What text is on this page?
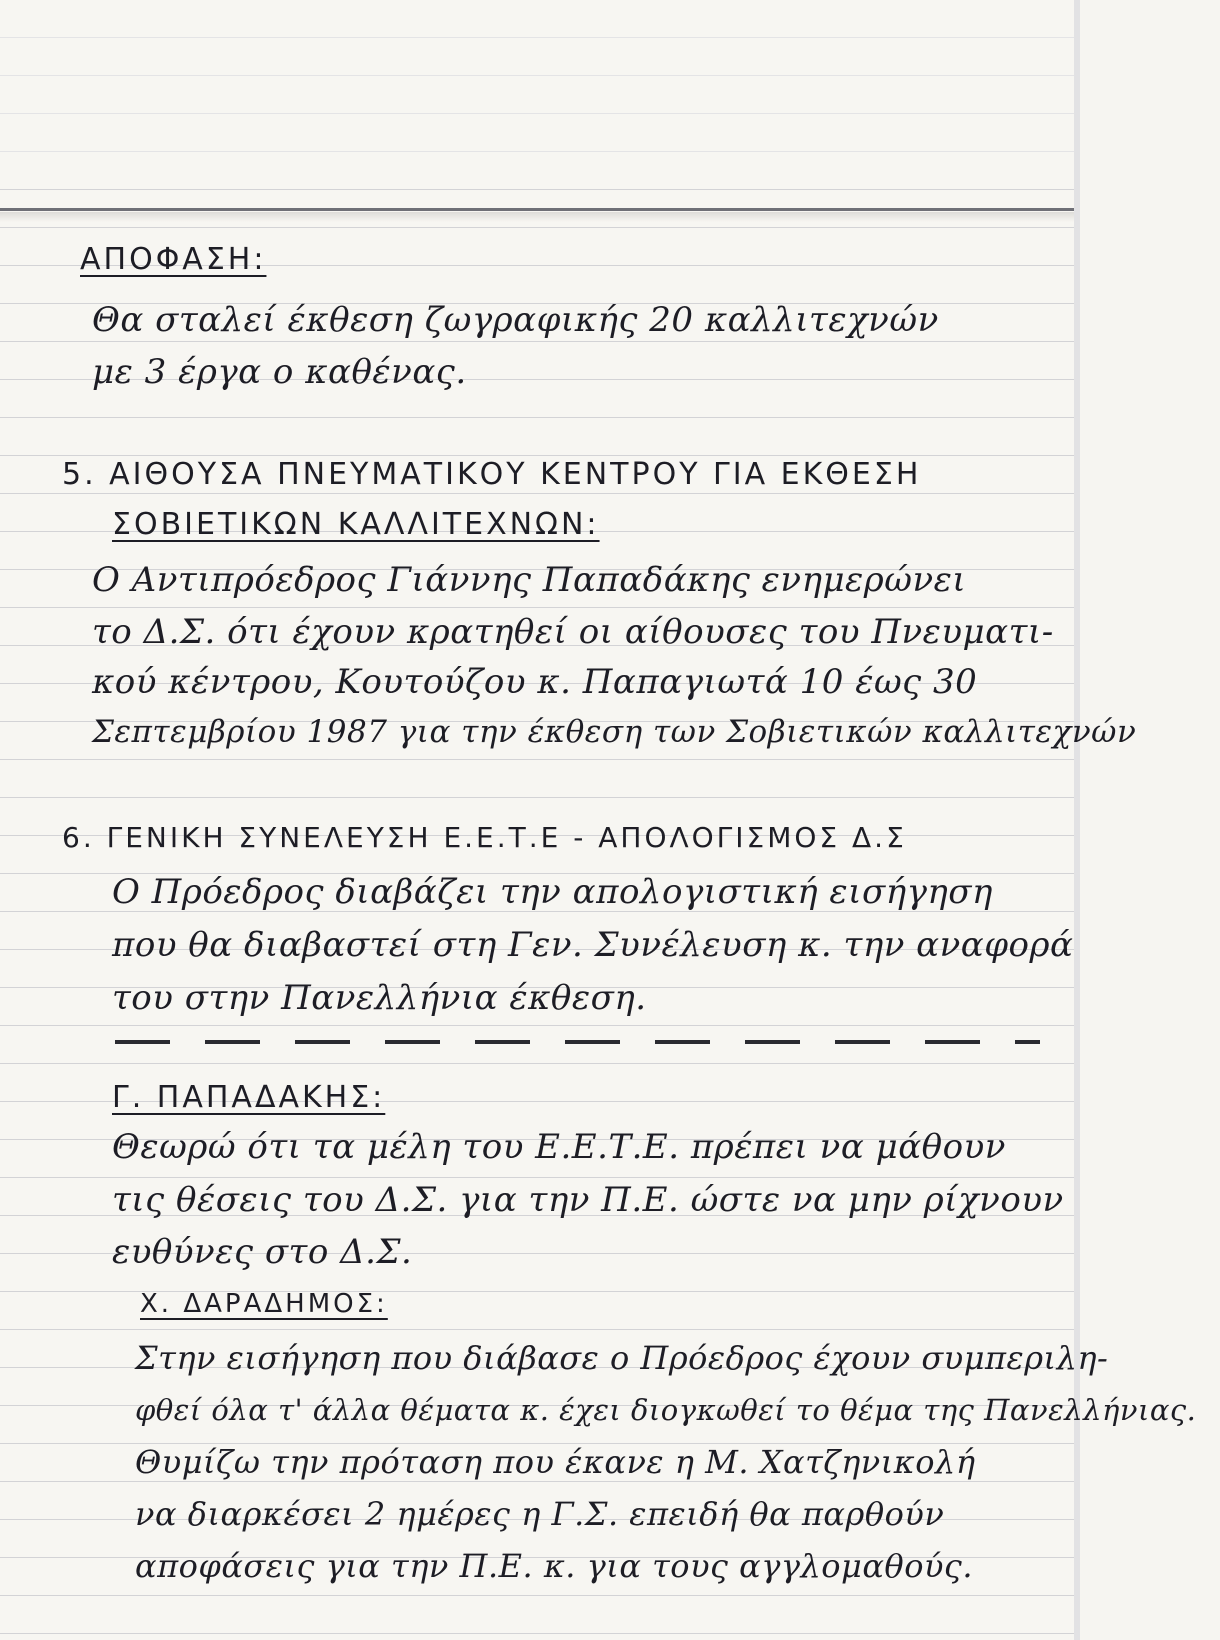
ΑΠΟΦΑΣΗ:
Θα σταλεί έκθεση ζωγραφικής 20 καλλιτεχνών
με 3 έργα ο καθένας.
5. ΑΙΘΟΥΣΑ ΠΝΕΥΜΑΤΙΚΟΥ ΚΕΝΤΡΟΥ ΓΙΑ ΕΚΘΕΣΗ
ΣΟΒΙΕΤΙΚΩΝ ΚΑΛΛΙΤΕΧΝΩΝ:
Ο Αντιπρόεδρος Γιάννης Παπαδάκης ενημερώνει
το Δ.Σ. ότι έχουν κρατηθεί οι αίθουσες του Πνευματι-
κού κέντρου, Κουτούζου κ. Παπαγιωτά 10 έως 30
Σεπτεμβρίου 1987 για την έκθεση των Σοβιετικών καλλιτεχνών
6. ΓΕΝΙΚΗ ΣΥΝΕΛΕΥΣΗ Ε.Ε.Τ.Ε - ΑΠΟΛΟΓΙΣΜΟΣ Δ.Σ
Ο Πρόεδρος διαβάζει την απολογιστική εισήγηση
που θα διαβαστεί στη Γεν. Συνέλευση κ. την αναφορά
του στην Πανελλήνια έκθεση.
Γ. ΠΑΠΑΔΑΚΗΣ:
Θεωρώ ότι τα μέλη του Ε.Ε.Τ.Ε. πρέπει να μάθουν
τις θέσεις του Δ.Σ. για την Π.Ε. ώστε να μην ρίχνουν
ευθύνες στο Δ.Σ.
Χ. ΔΑΡΑΔΗΜΟΣ:
Στην εισήγηση που διάβασε ο Πρόεδρος έχουν συμπεριλη-
φθεί όλα τ' άλλα θέματα κ. έχει διογκωθεί το θέμα της Πανελλήνιας.
Θυμίζω την πρόταση που έκανε η Μ. Χατζηνικολή
να διαρκέσει 2 ημέρες η Γ.Σ. επειδή θα παρθούν
αποφάσεις για την Π.Ε. κ. για τους αγγλομαθούς.
